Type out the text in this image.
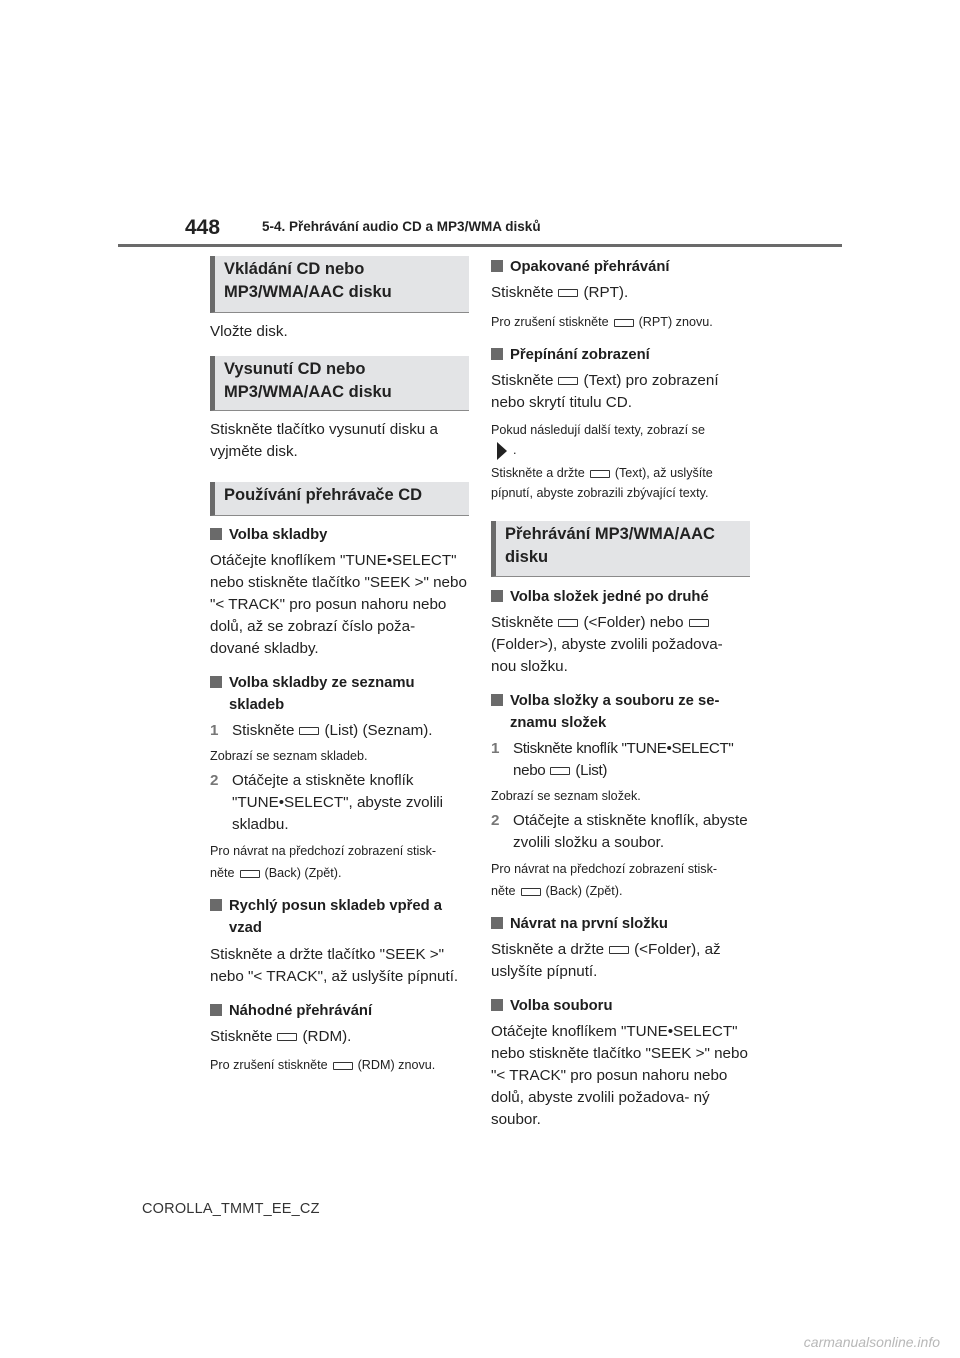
448	5-4. Přehrávání audio CD a MP3/WMA disků
Vkládání CD nebo MP3/WMA/AAC disku
Vložte disk.
Vysunutí CD nebo MP3/WMA/AAC disku
Stiskněte tlačítko vysunutí disku a vyjměte disk.
Používání přehrávače CD
Volba skladby
Otáčejte knoflíkem "TUNE•SELECT" nebo stiskněte tlačítko "SEEK >" nebo "< TRACK" pro posun nahoru nebo dolů, až se zobrazí číslo poža- dované skladby.
Volba skladby ze seznamu skladeb
1 Stiskněte (List) (Seznam).
Zobrazí se seznam skladeb.
2 Otáčejte a stiskněte knoflík "TUNE•SELECT", abyste zvolili skladbu.
Pro návrat na předchozí zobrazení stisk-
něte (Back) (Zpět).
Rychlý posun skladeb vpřed a vzad
Stiskněte a držte tlačítko "SEEK >" nebo "< TRACK", až uslyšíte pípnutí.
Náhodné přehrávání
Stiskněte (RDM).
Pro zrušení stiskněte (RDM) znovu.
Opakované přehrávání
Stiskněte (RPT).
Pro zrušení stiskněte (RPT) znovu.
Přepínání zobrazení
Stiskněte (Text) pro zobrazení nebo skrytí titulu CD.
Pokud následují další texty, zobrazí se
.
Stiskněte a držte (Text), až uslyšíte pípnutí, abyste zobrazili zbývající texty.
Přehrávání MP3/WMA/AAC disku
Volba složek jedné po druhé
Stiskněte (<Folder) nebo(Folder>), abyste zvolili požadova- nou složku.
Volba složky a souboru ze se- znamu složek
1 Stiskněte knoflík "TUNE•SELECT" nebo (List)
Zobrazí se seznam složek.
2 Otáčejte a stiskněte knoflík, abyste zvolili složku a soubor.
Pro návrat na předchozí zobrazení stisk-
něte (Back) (Zpět).
Návrat na první složku
Stiskněte a držte (<Folder), až uslyšíte pípnutí.
Volba souboru
Otáčejte knoflíkem "TUNE•SELECT" nebo stiskněte tlačítko "SEEK >" nebo "< TRACK" pro posun nahoru nebo dolů, abyste zvolili požadova- ný soubor.
COROLLA_TMMT_EE_CZ
carmanualsonline.info
